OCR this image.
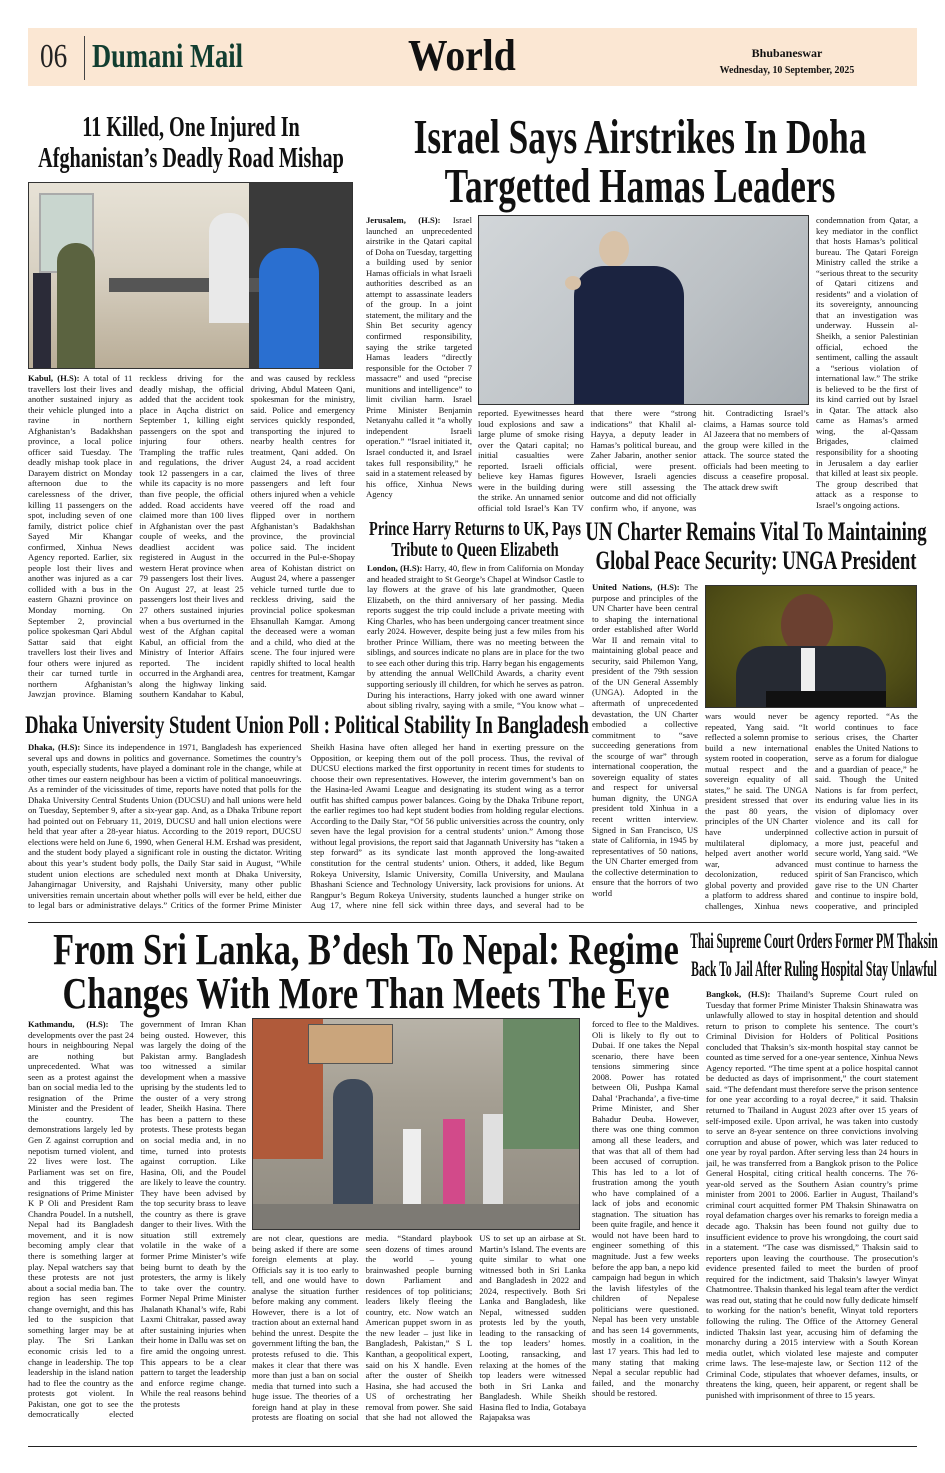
06 Dumani Mail	World	Bhubaneswar
Wednesday, 10 September, 2025
11 Killed, One Injured In
Afghanistan’s Deadly Road Mishap
Kabul, (H.S): A total of 11 travellers lost their lives and another sustained injury as their vehicle plunged into a ravine in northern Afghanistan’s Badakhshan province, a local police officer said Tuesday. The deadly mishap took place in Darayem district on Monday afternoon due to the carelessness of the driver, killing 11 passengers on the spot, including seven of one family, district police chief Sayed Mir Khangar confirmed, Xinhua News Agency reported. Earlier, six people lost their lives and another was injured as a car collided with a bus in the eastern Ghazni province on Monday morning. On September 2, provincial police spokesman Qari Abdul Sattar said that eight travellers lost their lives and four others were injured as their car turned turtle in northern Afghanistan’s Jawzjan province. Blaming reckless driving for the deadly mishap, the official added that the accident took place in Aqcha district on September 1, killing eight passengers on the spot and injuring four others. Trampling the traffic rules and regulations, the driver took 12 passengers in a car, while its capacity is no more than five people, the official added. Road accidents have claimed more than 100 lives in Afghanistan over the past couple of weeks, and the deadliest accident was registered in August in the western Herat province when 79 passengers lost their lives. On August 27, at least 25 passengers lost their lives and 27 others sustained injuries when a bus overturned in the west of the Afghan capital Kabul, an official from the Ministry of Interior Affairs reported. The incident occurred in the Arghandi area, along the highway linking southern Kandahar to Kabul, and was caused by reckless driving, Abdul Mateen Qani, spokesman for the ministry, said. Police and emergency services quickly responded, transporting the injured to nearby health centres for treatment, Qani added. On August 24, a road accident claimed the lives of three passengers and left four others injured when a vehicle veered off the road and flipped over in northern Afghanistan’s Badakhshan province, the provincial police said. The incident occurred in the Pul-e-Shopay area of Kohistan district on August 24, where a passenger vehicle turned turtle due to reckless driving, said the provincial police spokesman Ehsanullah Kamgar. Among the deceased were a woman and a child, who died at the scene. The four injured were rapidly shifted to local health centres for treatment, Kamgar said.
Israel Says Airstrikes In Doha
Targetted Hamas Leaders
Jerusalem, (H.S): Israel launched an unprecedented airstrike in the Qatari capital of Doha on Tuesday, targetting a building used by senior Hamas officials in what Israeli authorities described as an attempt to assassinate leaders of the group. In a joint statement, the military and the Shin Bet security agency confirmed responsibility, saying the strike targeted Hamas leaders “directly responsible for the October 7 massacre” and used “precise munitions and intelligence” to limit civilian harm. Israel Prime Minister Benjamin Netanyahu called it “a wholly independent Israeli operation.” “Israel initiated it, Israel conducted it, and Israel takes full responsibility,” he said in a statement released by his office, Xinhua News Agency
reported. Eyewitnesses heard loud explosions and saw a large plume of smoke rising over the Qatari capital; no initial casualties were reported. Israeli officials believe key Hamas figures were in the building during the strike. An unnamed senior official told Israel’s Kan TV that there were “strong indications” that Khalil al-Hayya, a deputy leader in Hamas’s political bureau, and Zaher Jabarin, another senior official, were present. However, Israeli agencies were still assessing the outcome and did not officially confirm who, if anyone, was hit. Contradicting Israel’s claims, a Hamas source told Al Jazeera that no members of the group were killed in the attack. The source stated the officials had been meeting to discuss a ceasefire proposal. The attack drew swift
condemnation from Qatar, a key mediator in the conflict that hosts Hamas’s political bureau. The Qatari Foreign Ministry called the strike a “serious threat to the security of Qatari citizens and residents” and a violation of its sovereignty, announcing that an investigation was underway. Hussein al-Sheikh, a senior Palestinian official, echoed the sentiment, calling the assault a “serious violation of international law.” The strike is believed to be the first of its kind carried out by Israel in Qatar. The attack also came as Hamas’s armed wing, the al-Qassam Brigades, claimed responsibility for a shooting in Jerusalem a day earlier that killed at least six people. The group described that attack as a response to Israel’s ongoing actions.
Prince Harry Returns to UK, Pays
Tribute to Queen Elizabeth
London, (H.S): Harry, 40, flew in from California on Monday and headed straight to St George’s Chapel at Windsor Castle to lay flowers at the grave of his late grandmother, Queen Elizabeth, on the third anniversary of her passing. Media reports suggest the trip could include a private meeting with King Charles, who has been undergoing cancer treatment since early 2024. However, despite being just a few miles from his brother Prince William, there was no meeting between the siblings, and sources indicate no plans are in place for the two to see each other during this trip. Harry began his engagements by attending the annual WellChild Awards, a charity event supporting seriously ill children, for which he serves as patron. During his interactions, Harry joked with one award winner about sibling rivalry, saying with a smile, “You know what –
UN Charter Remains Vital To Maintaining
Global Peace Security: UNGA President
United Nations, (H.S): The purpose and principles of the UN Charter have been central to shaping the international order established after World War II and remain vital to maintaining global peace and security, said Philemon Yang, president of the 79th session of the UN General Assembly (UNGA). Adopted in the aftermath of unprecedented devastation, the UN Charter embodied a collective commitment to “save succeeding generations from the scourge of war” through international cooperation, the sovereign equality of states and respect for universal human dignity, the UNGA president told Xinhua in a recent written interview. Signed in San Francisco, US state of California, in 1945 by representatives of 50 nations, the UN Charter emerged from the collective determination to ensure that the horrors of two world
wars would never be repeated, Yang said. “It reflected a solemn promise to build a new international system rooted in cooperation, mutual respect and the sovereign equality of all states,” he said. The UNGA president stressed that over the past 80 years, the principles of the UN Charter have underpinned multilateral diplomacy, helped avert another world war, advanced decolonization, reduced global poverty and provided a platform to address shared challenges, Xinhua news agency reported. “As the world continues to face serious crises, the Charter enables the United Nations to serve as a forum for dialogue and a guardian of peace,” he said. Though the United Nations is far from perfect, its enduring value lies in its vision of diplomacy over violence and its call for collective action in pursuit of a more just, peaceful and secure world, Yang said. “We must continue to harness the spirit of San Francisco, which gave rise to the UN Charter and continue to inspire bold, cooperative, and principled
Dhaka University Student Union Poll : Political Stability In Bangladesh
Dhaka, (H.S): Since its independence in 1971, Bangladesh has experienced several ups and downs in politics and governance. Sometimes the country’s youth, especially students, have played a dominant role in the change, while at other times our eastern neighbour has been a victim of political manoeuvrings. As a reminder of the vicissitudes of time, reports have noted that polls for the Dhaka University Central Students Union (DUCSU) and hall unions were held on Tuesday, September 9, after a six-year gap. And, as a Dhaka Tribune report had pointed out on February 11, 2019, DUCSU and hall union elections were held that year after a 28-year hiatus. According to the 2019 report, DUCSU elections were held on June 6, 1990, when General H.M. Ershad was president, and the student body played a significant role in ousting the dictator. Writing about this year’s student body polls, the Daily Star said in August, “While student union elections are scheduled next month at Dhaka University, Jahangirnagar University, and Rajshahi University, many other public universities remain uncertain about whether polls will ever be held, either due to legal bars or administrative delays.” Critics of the former Prime Minister Sheikh Hasina have often alleged her hand in exerting pressure on the Opposition, or keeping them out of the poll process. Thus, the revival of DUCSU elections marked the first opportunity in recent times for students to choose their own representatives. However, the interim government’s ban on the Hasina-led Awami League and designating its student wing as a terror outfit has shifted campus power balances. Going by the Dhaka Tribune report, the earlier regimes too had kept student bodies from holding regular elections. According to the Daily Star, “Of 56 public universities across the country, only seven have the legal provision for a central students’ union.” Among those without legal provisions, the report said that Jagannath University has “taken a step forward” as its syndicate last month approved the long-awaited constitution for the central students’ union. Others, it added, like Begum Rokeya University, Islamic University, Comilla University, and Maulana Bhashani Science and Technology University, lack provisions for unions. At Rangpur’s Begum Rokeya University, students launched a hunger strike on Aug 17, where nine fell sick within three days, and several had to be
From Sri Lanka, B’desh To Nepal: Regime
Changes With More Than Meets The Eye
Kathmandu, (H.S): The developments over the past 24 hours in neighbouring Nepal are nothing but unprecedented. What was seen as a protest against the ban on social media led to the resignation of the Prime Minister and the President of the country. The demonstrations largely led by Gen Z against corruption and nepotism turned violent, and 22 lives were lost. The Parliament was set on fire, and this triggered the resignations of Prime Minister K P Oli and President Ram Chandra Poudel. In a nutshell, Nepal had its Bangladesh movement, and it is now becoming amply clear that there is something larger at play. Nepal watchers say that these protests are not just about a social media ban. The region has seen regimes change overnight, and this has led to the suspicion that something larger may be at play. The Sri Lankan economic crisis led to a change in leadership. The top leadership in the island nation had to flee the country as the protests got violent. In Pakistan, one got to see the democratically elected government of Imran Khan being ousted. However, this was largely the doing of the Pakistan army. Bangladesh too witnessed a similar development when a massive uprising by the students led to the ouster of a very strong leader, Sheikh Hasina. There has been a pattern to these protests. These protests began on social media and, in no time, turned into protests against corruption. Like Hasina, Oli, and the Poudel are likely to leave the country. They have been advised by the top security brass to leave the country as there is grave danger to their lives. With the situation still extremely volatile in the wake of a former Prime Minister’s wife being burnt to death by the protesters, the army is likely to take over the country. Former Nepal Prime Minister Jhalanath Khanal’s wife, Rabi Laxmi Chitrakar, passed away after sustaining injuries when their home in Dallu was set on fire amid the ongoing unrest. This appears to be a clear pattern to target the leadership and enforce regime change. While the real reasons behind the protests
are not clear, questions are being asked if there are some foreign elements at play. Officials say it is too early to tell, and one would have to analyse the situation further before making any comment. However, there is a lot of traction about an external hand behind the unrest. Despite the government lifting the ban, the protests refused to die. This makes it clear that there was more than just a ban on social media that turned into such a huge issue. The theories of a foreign hand at play in these protests are floating on social media. “Standard playbook seen dozens of times around the world – young brainwashed people burning down Parliament and residences of top politicians; leaders likely fleeing the country, etc. Now watch an American puppet sworn in as the new leader – just like in Bangladesh, Pakistan,” S L Kanthan, a geopolitical expert, said on his X handle. Even after the ouster of Sheikh Hasina, she had accused the US of orchestrating her removal from power. She said that she had not allowed the US to set up an airbase at St. Martin’s Island. The events are quite similar to what one witnessed both in Sri Lanka and Bangladesh in 2022 and 2024, respectively. Both Sri Lanka and Bangladesh, like Nepal, witnessed sudden protests led by the youth, leading to the ransacking of the top leaders’ homes. Looting, ransacking, and relaxing at the homes of the top leaders were witnessed both in Sri Lanka and Bangladesh. While Sheikh Hasina fled to India, Gotabaya Rajapaksa was
forced to flee to the Maldives. Oli is likely to fly out to Dubai. If one takes the Nepal scenario, there have been tensions simmering since 2008. Power has rotated between Oli, Pushpa Kamal Dahal ‘Prachanda’, a five-time Prime Minister, and Sher Bahadur Deuba. However, there was one thing common among all these leaders, and that was that all of them had been accused of corruption. This has led to a lot of frustration among the youth who have complained of a lack of jobs and economic stagnation. The situation has been quite fragile, and hence it would not have been hard to engineer something of this magnitude. Just a few weeks before the app ban, a nepo kid campaign had begun in which the lavish lifestyles of the children of Nepalese politicians were questioned. Nepal has been very unstable and has seen 14 governments, mostly in a coalition, in the last 17 years. This had led to many stating that making Nepal a secular republic had failed, and the monarchy should be restored.
Thai Supreme Court Orders Former PM Thaksin
Back To Jail After Ruling Hospital Stay Unlawful
Bangkok, (H.S): Thailand’s Supreme Court ruled on Tuesday that former Prime Minister Thaksin Shinawatra was unlawfully allowed to stay in hospital detention and should return to prison to complete his sentence. The court’s Criminal Division for Holders of Political Positions concluded that Thaksin’s six-month hospital stay cannot be counted as time served for a one-year sentence, Xinhua News Agency reported. “The time spent at a police hospital cannot be deducted as days of imprisonment,” the court statement said. “The defendant must therefore serve the prison sentence for one year according to a royal decree,” it said. Thaksin returned to Thailand in August 2023 after over 15 years of self-imposed exile. Upon arrival, he was taken into custody to serve an 8-year sentence on three convictions involving corruption and abuse of power, which was later reduced to one year by royal pardon. After serving less than 24 hours in jail, he was transferred from a Bangkok prison to the Police General Hospital, citing critical health concerns. The 76-year-old served as the Southern Asian country’s prime minister from 2001 to 2006. Earlier in August, Thailand’s criminal court acquitted former PM Thaksin Shinawatra on royal defamation charges over his remarks to foreign media a decade ago. Thaksin has been found not guilty due to insufficient evidence to prove his wrongdoing, the court said in a statement. “The case was dismissed,” Thaksin said to reporters upon leaving the courthouse. The prosecution’s evidence presented failed to meet the burden of proof required for the indictment, said Thaksin’s lawyer Winyat Chatmontree. Thaksin thanked his legal team after the verdict was read out, stating that he could now fully dedicate himself to working for the nation’s benefit, Winyat told reporters following the ruling. The Office of the Attorney General indicted Thaksin last year, accusing him of defaming the monarchy during a 2015 interview with a South Korean media outlet, which violated lese majeste and computer crime laws. The lese-majeste law, or Section 112 of the Criminal Code, stipulates that whoever defames, insults, or threatens the king, queen, heir apparent, or regent shall be punished with imprisonment of three to 15 years.
